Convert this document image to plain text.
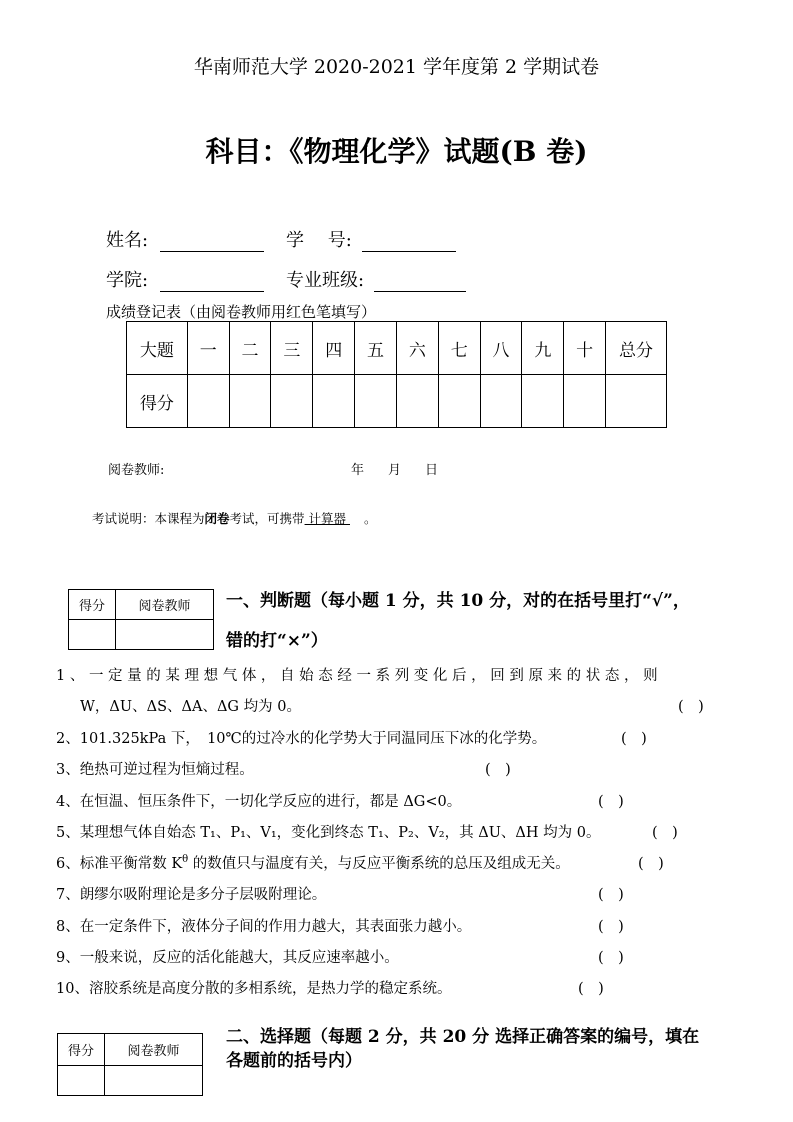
华南师范大学 2020-2021 学年度第 2 学期试卷
科目：《物理化学》试题(B 卷)
姓名:	学　 号:
学院:	专业班级:
成绩登记表（由阅卷教师用红色笔填写）
大题	一	二	三	四	五	六	七	八	九	十	总分
得分											
阅卷教师:	年 月 日
考试说明：本课程为闭卷考试，可携带 计算器 。
得分	阅卷教师
	一、判断题（每小题 1 分，共 10 分，对的在括号里打“√”，
错的打“×”）
1 、 一 定 量 的 某 理 想 气 体 ， 自 始 态 经 一 系 列 变 化 后 ， 回 到 原 来 的 状 态 ， 则
W，ΔU、ΔS、ΔA、ΔG 均为 0。	(　)
2、101.325kPa 下，　10℃的过冷水的化学势大于同温同压下冰的化学势。	(　)
3、绝热可逆过程为恒熵过程。	(　)
4、在恒温、恒压条件下，一切化学反应的进行，都是 ΔG<0。	(　)
5、某理想气体自始态 T₁、P₁、V₁，变化到终态 T₁、P₂、V₂，其 ΔU、ΔH 均为 0。	(　)
6、标准平衡常数 $K^\theta$ 的数值只与温度有关，与反应平衡系统的总压及组成无关。	(　)
7、朗缪尔吸附理论是多分子层吸附理论。	(　)
8、在一定条件下，液体分子间的作用力越大，其表面张力越小。	(　)
9、一般来说，反应的活化能越大，其反应速率越小。	(　)
10、溶胶系统是高度分散的多相系统，是热力学的稳定系统。	(　)
得分	阅卷教师

二、选择题（每题 2 分，共 20 分 选择正确答案的编号，填在
各题前的括号内）
